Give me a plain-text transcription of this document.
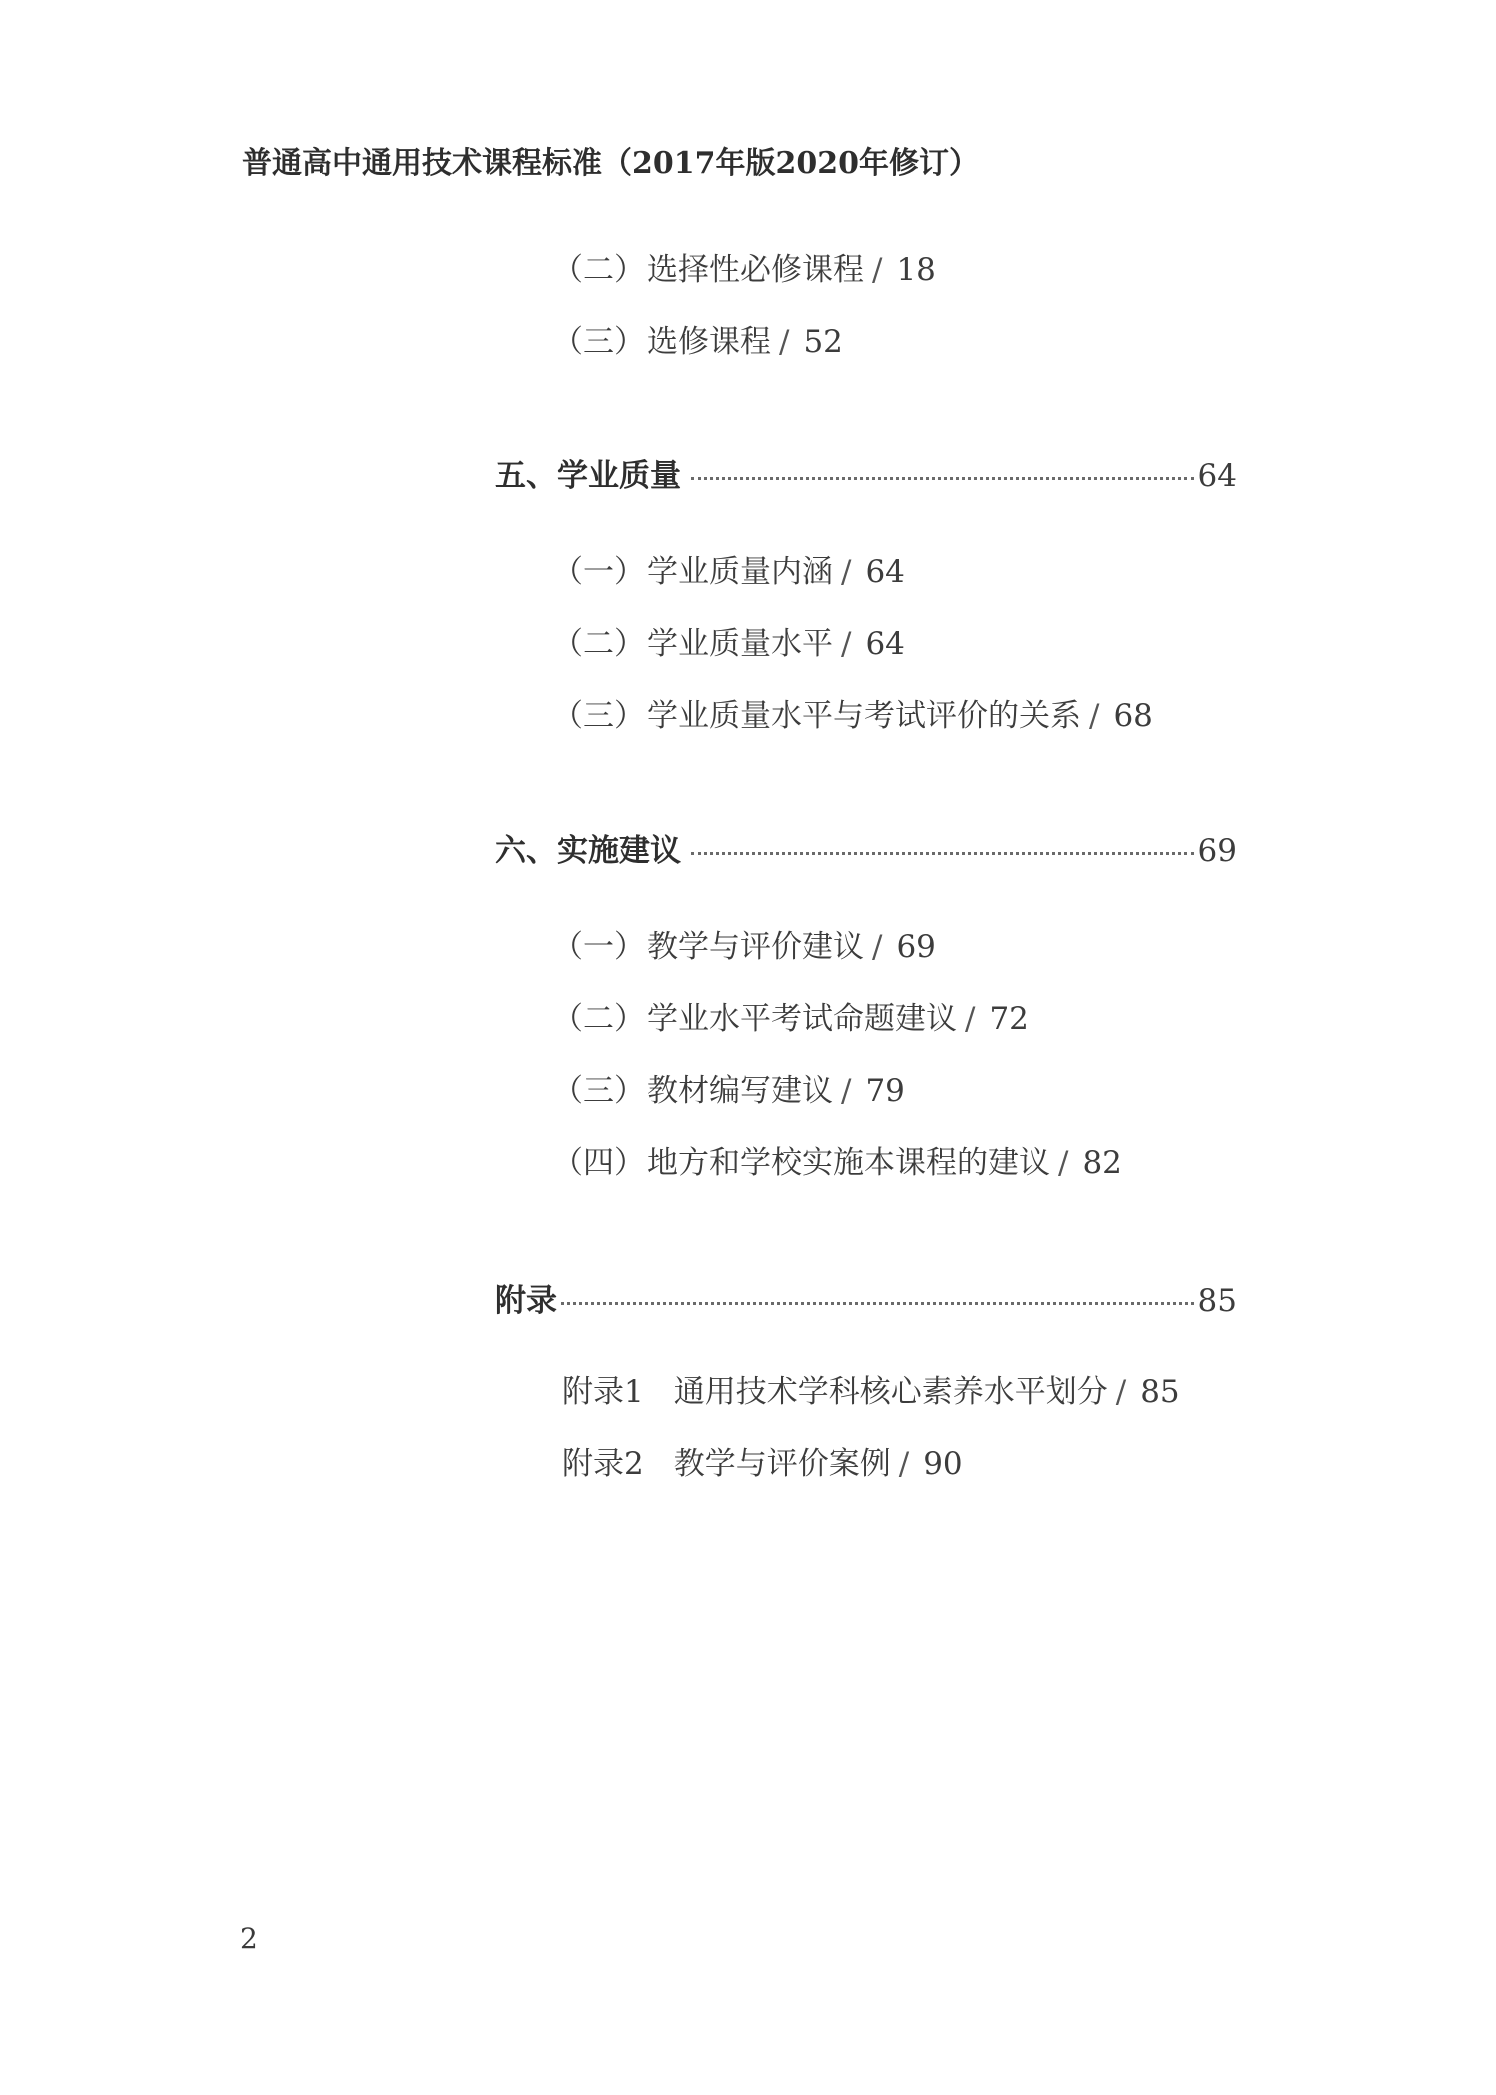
普通高中通用技术课程标准（2017年版2020年修订）
（二）选择性必修课程 / 18
（三）选修课程 / 52
五、学业质量	64
（一）学业质量内涵 / 64
（二）学业质量水平 / 64
（三）学业质量水平与考试评价的关系 / 68
六、实施建议	69
（一）教学与评价建议 / 69
（二）学业水平考试命题建议 / 72
（三）教材编写建议 / 79
（四）地方和学校实施本课程的建议 / 82
附录	85
附录1 通用技术学科核心素养水平划分 / 85
附录2 教学与评价案例 / 90
2
